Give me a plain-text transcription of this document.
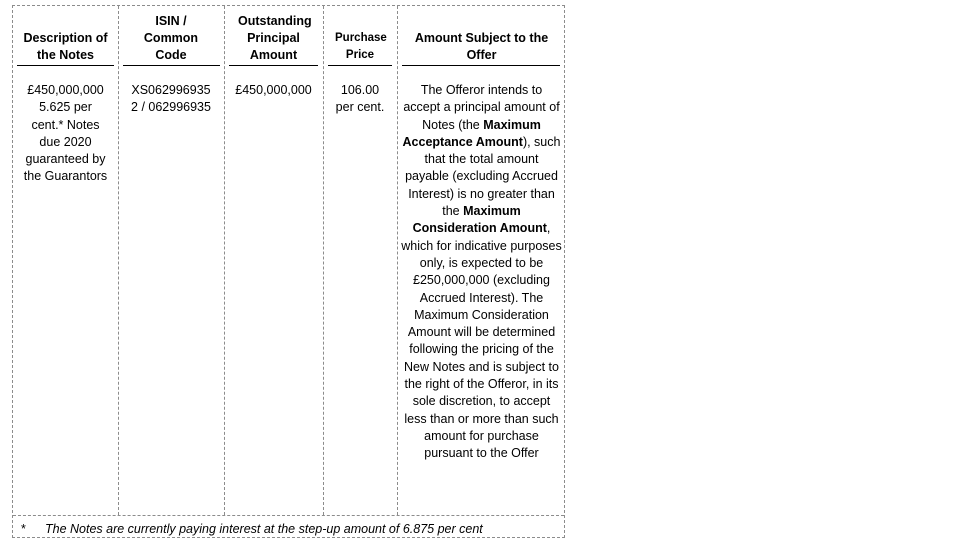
Description of the Notes
ISIN / Common Code
Outstanding Principal Amount
Purchase Price
Amount Subject to the Offer
£450,000,000
5.625 per
cent.* Notes
due 2020
guaranteed by
the Guarantors
XS062996935
2 / 062996935
£450,000,000	106.00
per cent.
The Offeror intends to accept a principal amount of Notes (the Maximum Acceptance Amount), such that the total amount payable (excluding Accrued Interest) is no greater than the Maximum Consideration Amount, which for indicative purposes only, is expected to be £250,000,000 (excluding Accrued Interest). The Maximum Consideration Amount will be determined following the pricing of the New Notes and is subject to the right of the Offeror, in its sole discretion, to accept less than or more than such amount for purchase pursuant to the Offer
* The Notes are currently paying interest at the step-up amount of 6.875 per cent
